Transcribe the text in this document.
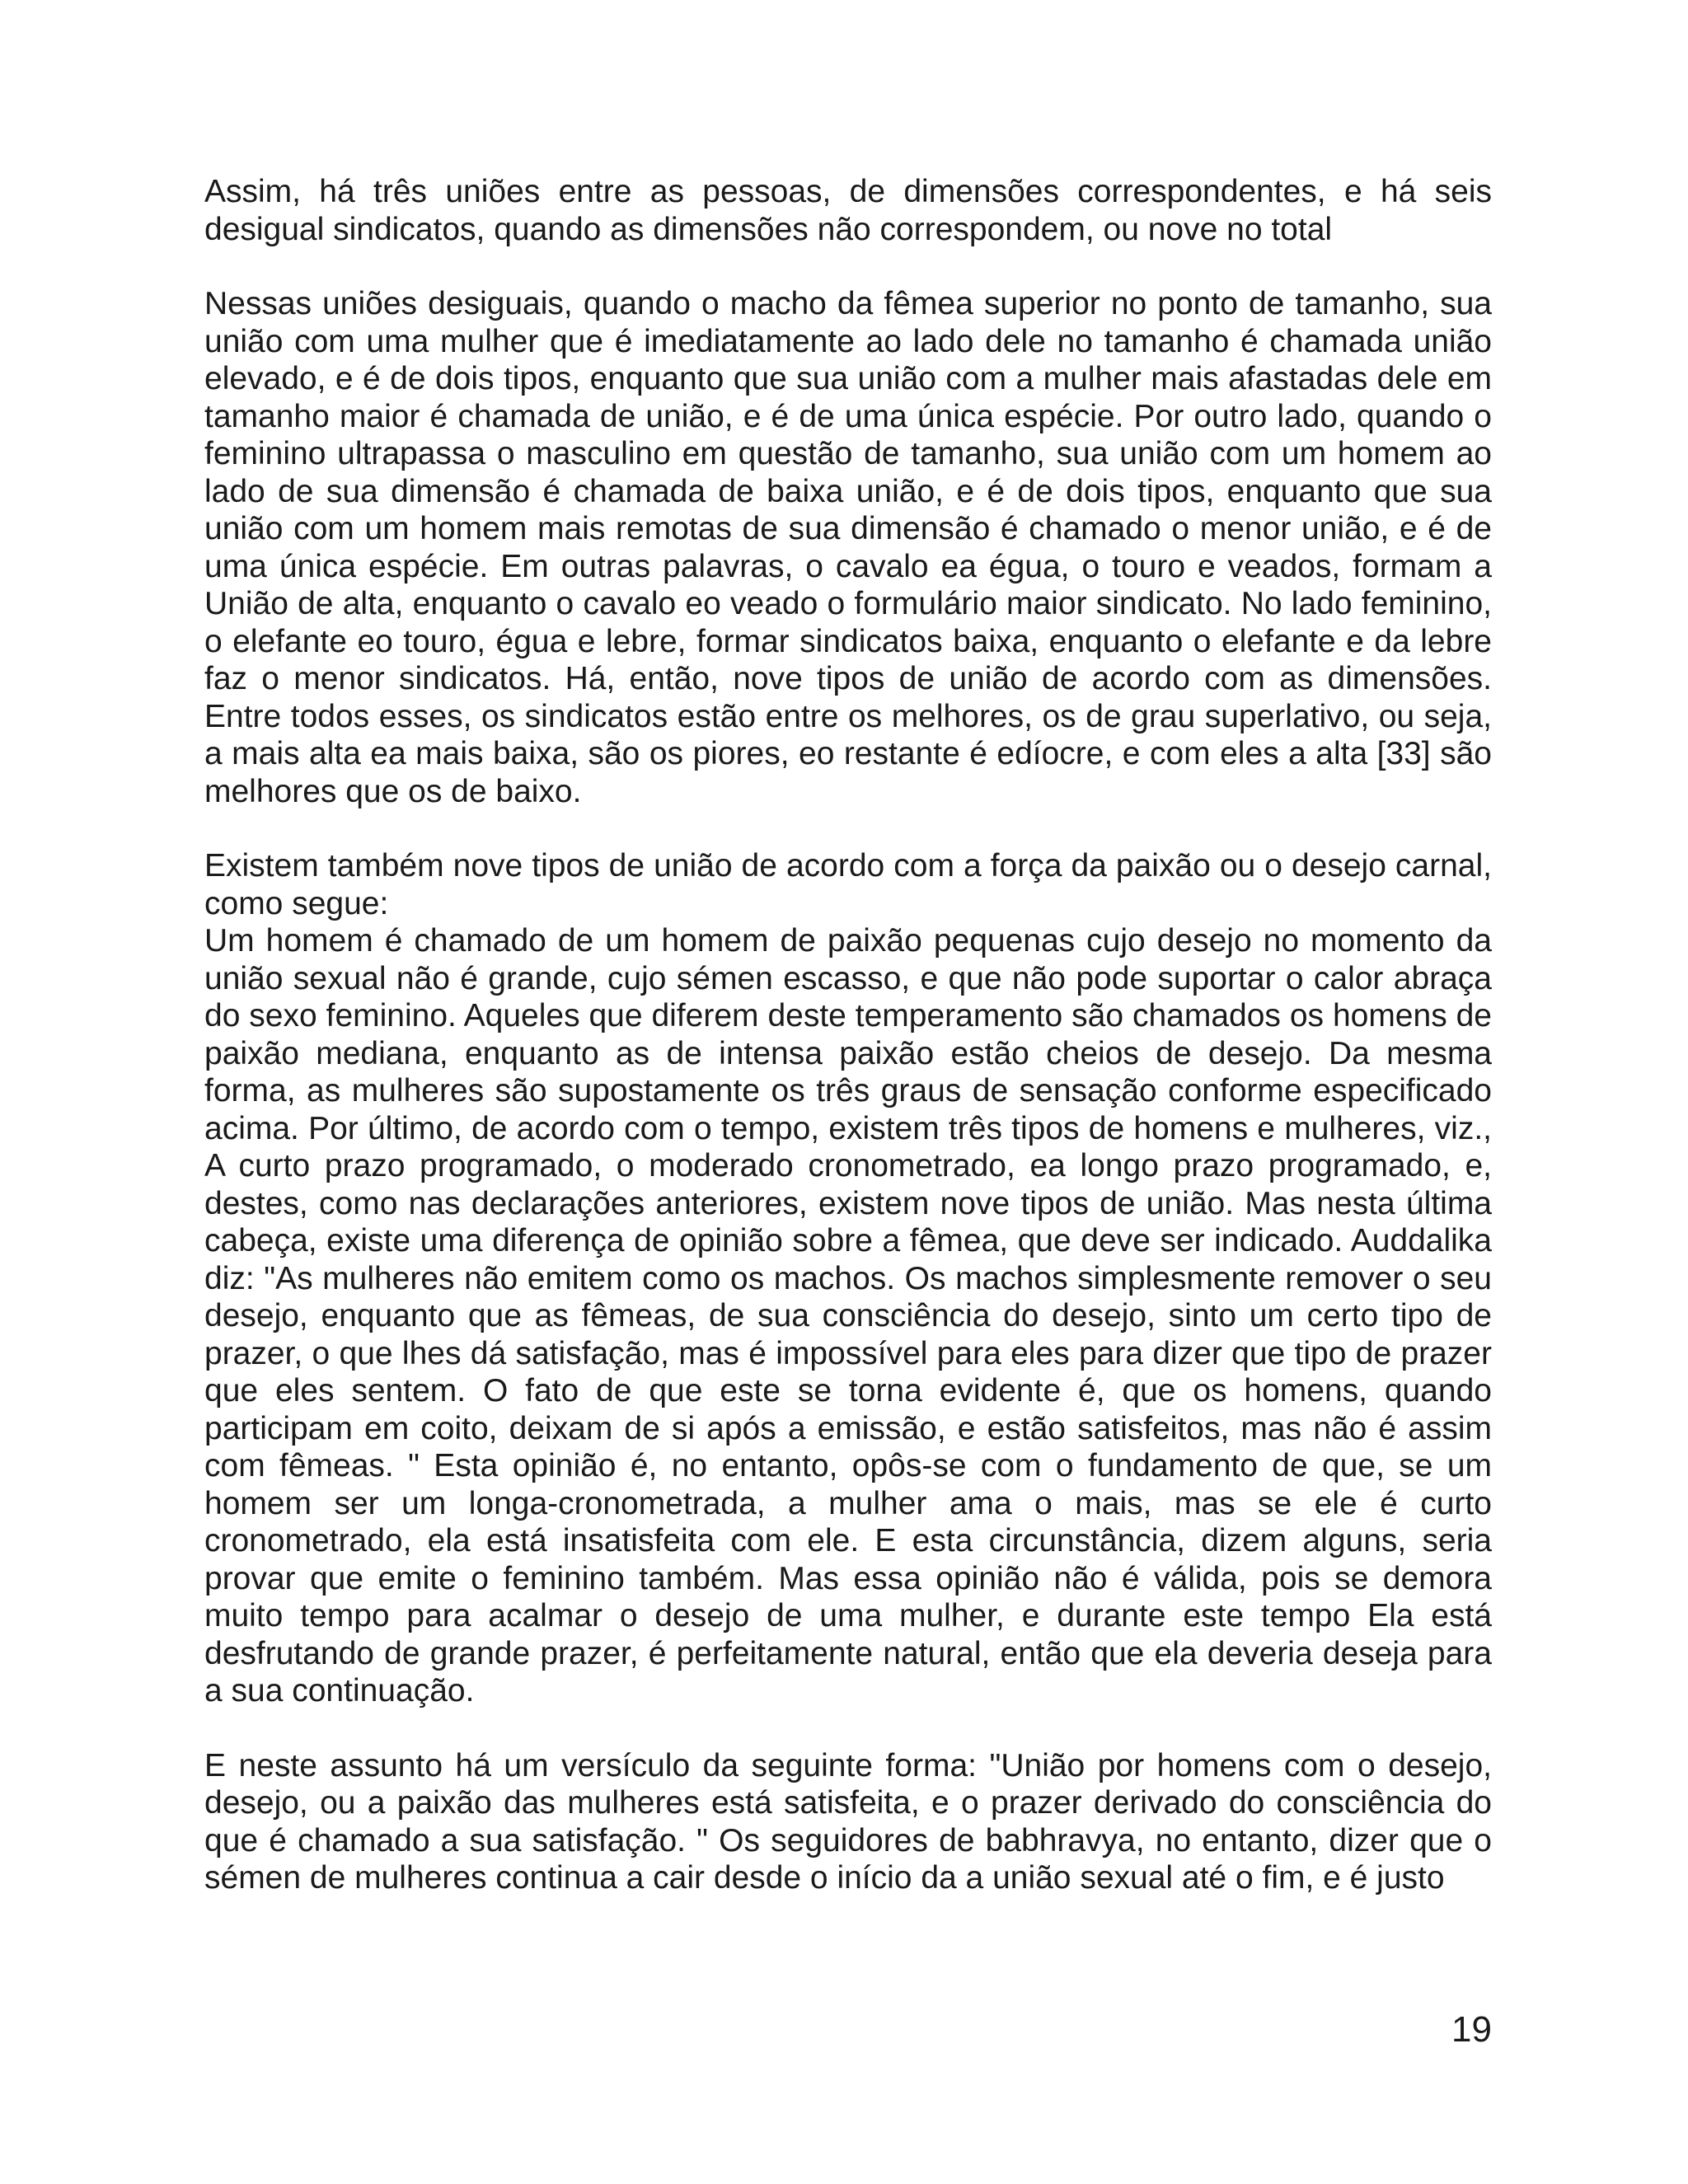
Assim, há três uniões entre as pessoas, de dimensões correspondentes, e há seis desigual sindicatos, quando as dimensões não correspondem, ou nove no total

Nessas uniões desiguais, quando o macho da fêmea superior no ponto de tamanho, sua união com uma mulher que é imediatamente ao lado dele no tamanho é chamada união elevado, e é de dois tipos, enquanto que sua união com a mulher mais afastadas dele em tamanho maior é chamada de união, e é de uma única espécie. Por outro lado, quando o feminino ultrapassa o masculino em questão de tamanho, sua união com um homem ao lado de sua dimensão é chamada de baixa união, e é de dois tipos, enquanto que sua união com um homem mais remotas de sua dimensão é chamado o menor união, e é de uma única espécie. Em outras palavras, o cavalo ea égua, o touro e veados, formam a União de alta, enquanto o cavalo eo veado o formulário maior sindicato. No lado feminino, o elefante eo touro, égua e lebre, formar sindicatos baixa, enquanto o elefante e da lebre faz o menor sindicatos. Há, então, nove tipos de união de acordo com as dimensões. Entre todos esses, os sindicatos estão entre os melhores, os de grau superlativo, ou seja, a mais alta ea mais baixa, são os piores, eo restante é edíocre, e com eles a alta [33] são melhores que os de baixo.

Existem também nove tipos de união de acordo com a força da paixão ou o desejo carnal, como segue:

Um homem é chamado de um homem de paixão pequenas cujo desejo no momento da união sexual não é grande, cujo sémen escasso, e que não pode suportar o calor abraça do sexo feminino. Aqueles que diferem deste temperamento são chamados os homens de paixão mediana, enquanto as de intensa paixão estão cheios de desejo. Da mesma forma, as mulheres são supostamente os três graus de sensação conforme especificado acima. Por último, de acordo com o tempo, existem três tipos de homens e mulheres, viz., A curto prazo programado, o moderado cronometrado, ea longo prazo programado, e, destes, como nas declarações anteriores, existem nove tipos de união. Mas nesta última cabeça, existe uma diferença de opinião sobre a fêmea, que deve ser indicado. Auddalika diz: "As mulheres não emitem como os machos. Os machos simplesmente remover o seu desejo, enquanto que as fêmeas, de sua consciência do desejo, sinto um certo tipo de prazer, o que lhes dá satisfação, mas é impossível para eles para dizer que tipo de prazer que eles sentem. O fato de que este se torna evidente é, que os homens, quando participam em coito, deixam de si após a emissão, e estão satisfeitos, mas não é assim com fêmeas. " Esta opinião é, no entanto, opôs-se com o fundamento de que, se um homem ser um longa-cronometrada, a mulher ama o mais, mas se ele é curto cronometrado, ela está insatisfeita com ele. E esta circunstância, dizem alguns, seria provar que emite o feminino também. Mas essa opinião não é válida, pois se demora muito tempo para acalmar o desejo de uma mulher, e durante este tempo Ela está desfrutando de grande prazer, é perfeitamente natural, então que ela deveria deseja para a sua continuação.

E neste assunto há um versículo da seguinte forma: "União por homens com o desejo, desejo, ou a paixão das mulheres está satisfeita, e o prazer derivado do consciência do que é chamado a sua satisfação. " Os seguidores de babhravya, no entanto, dizer que o sémen de mulheres continua a cair desde o início da a união sexual até o fim, e é justo

19
